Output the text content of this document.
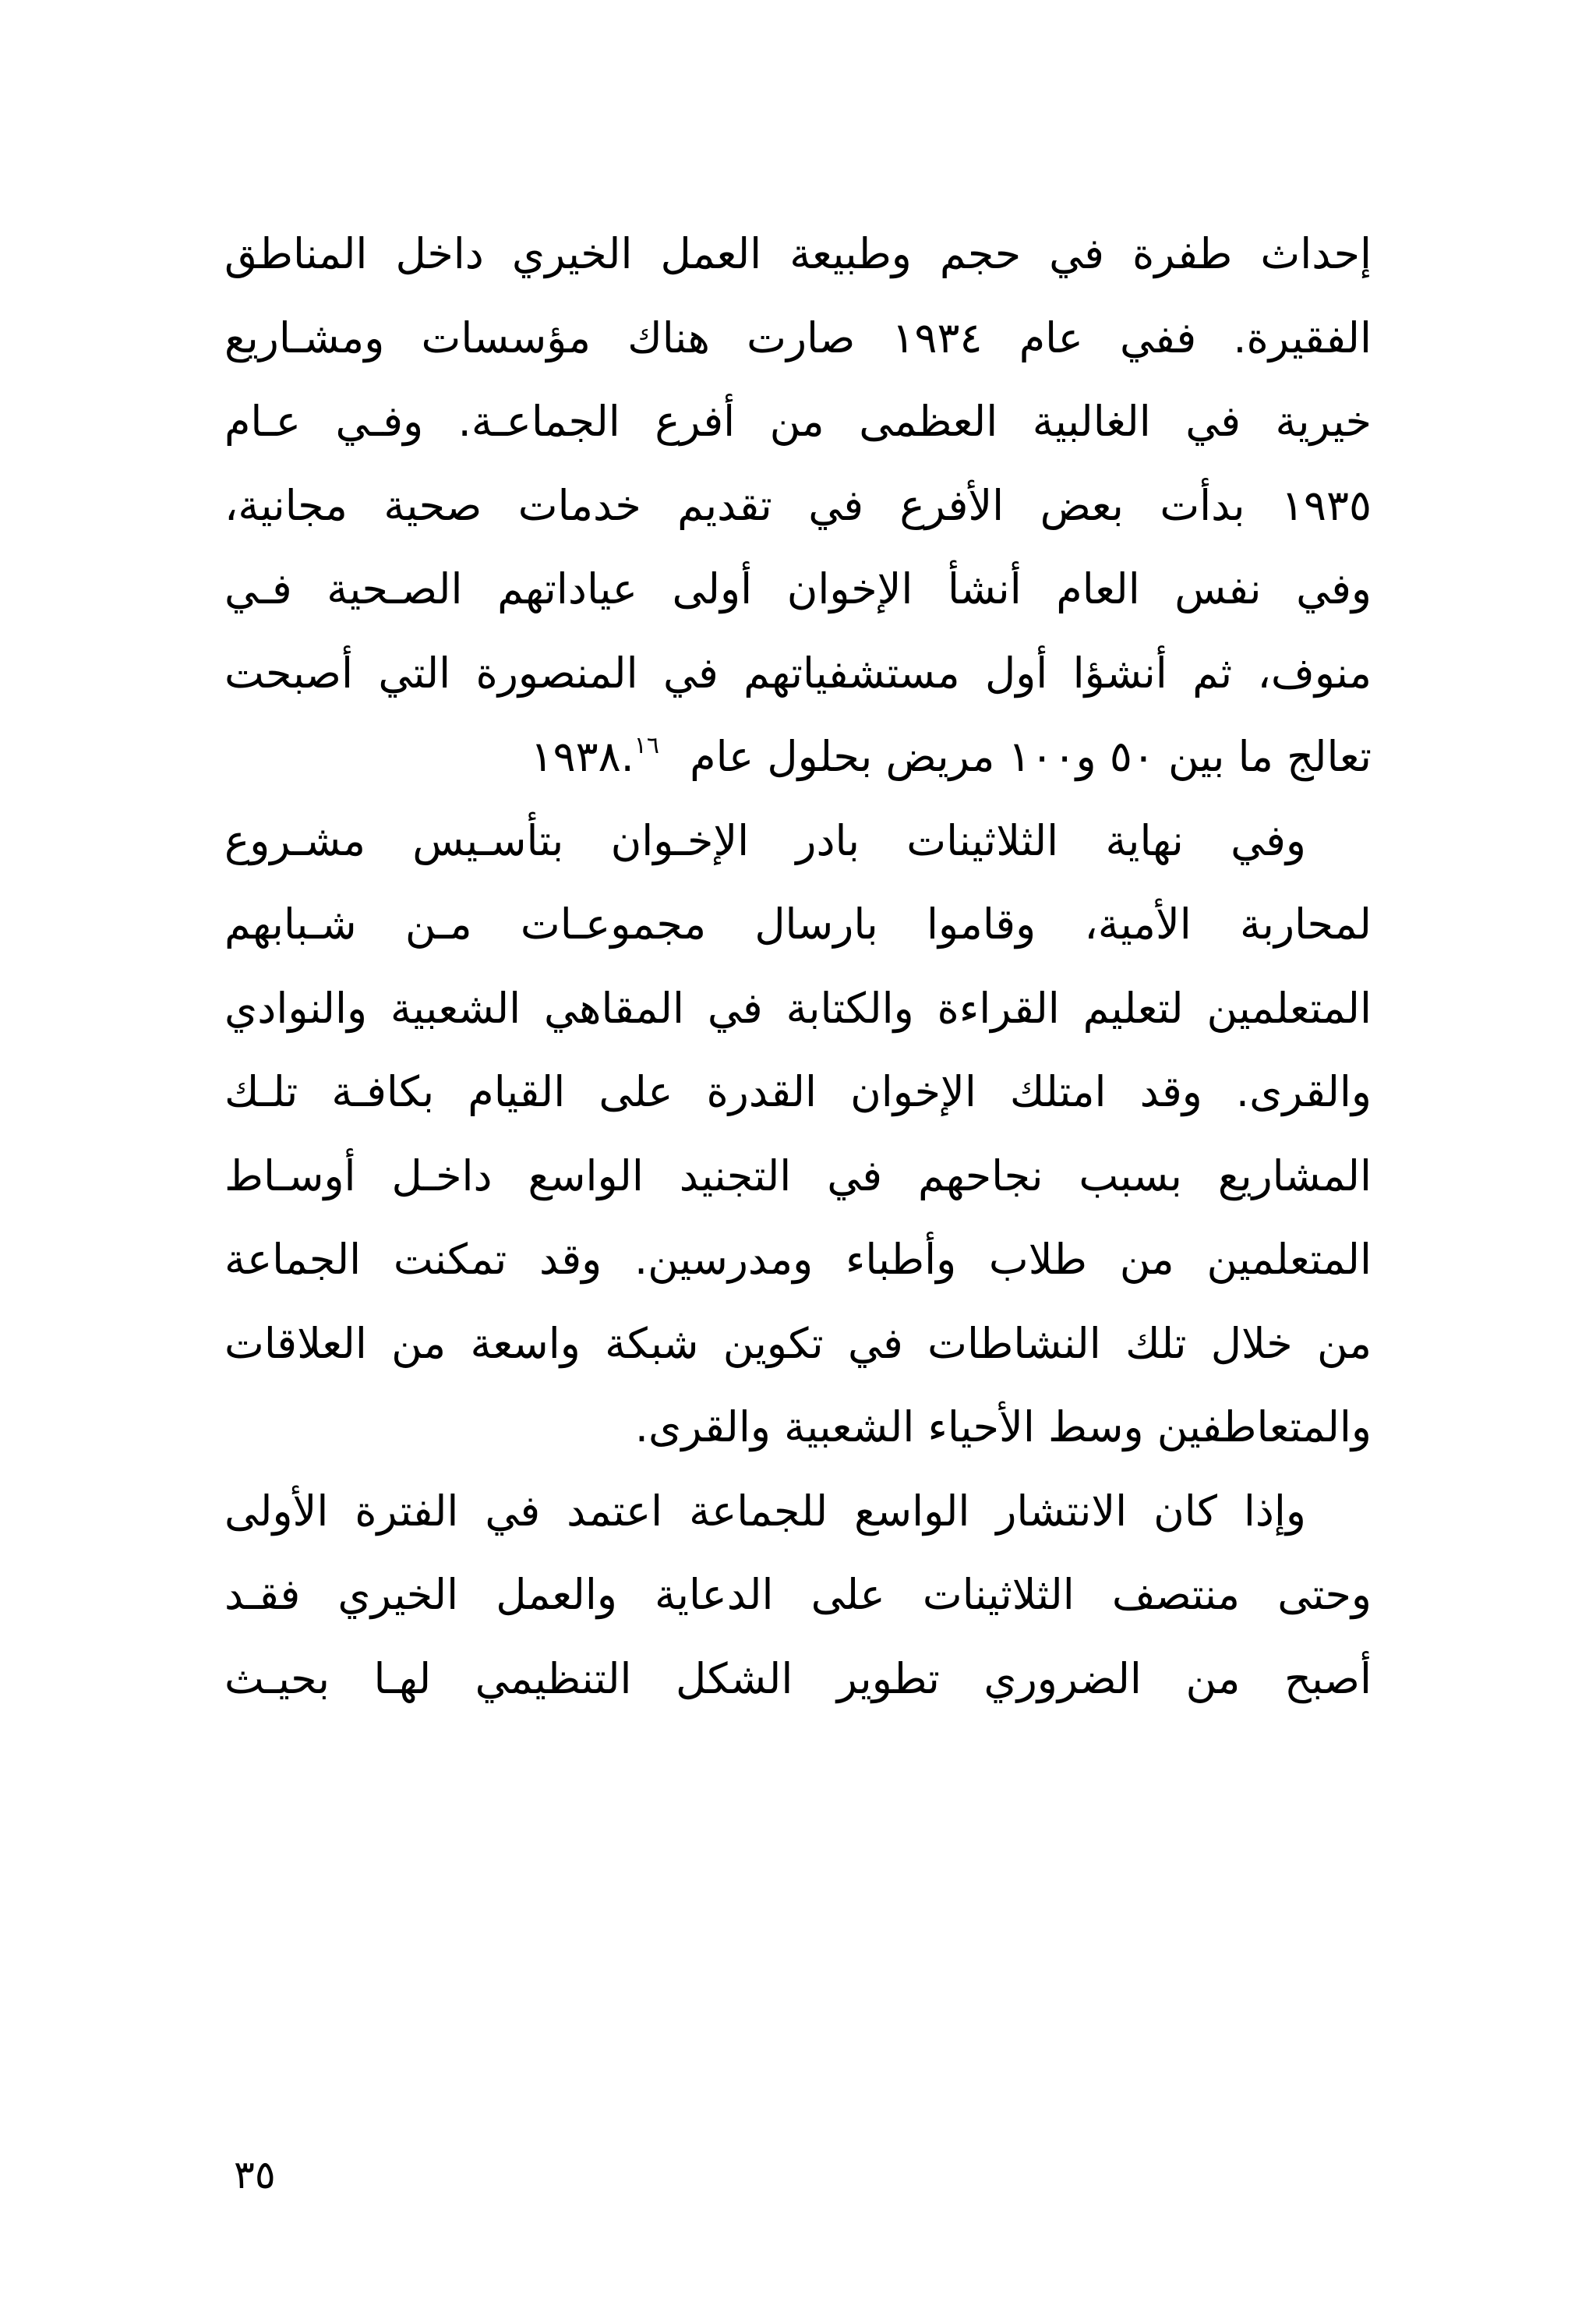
إحداث طفرة في حجم وطبيعة العمل الخيري داخل المناطق
الفقيرة. ففي عام ١٩٣٤ صارت هناك مؤسسات ومشـاريع
خيرية في الغالبية العظمى من أفرع الجماعـة. وفـي عـام
١٩٣٥ بدأت بعض الأفرع في تقديم خدمات صحية مجانية،
وفي نفس العام أنشأ الإخوان أولى عياداتهم الصـحية فـي
منوف، ثم أنشؤا أول مستشفياتهم في المنصورة التي أصبحت
تعالج ما بين ٥٠ و١٠٠ مريض بحلول عام ١٩٣٨.١٦
وفي نهاية الثلاثينات بادر الإخـوان بتأسـيس مشـروع
لمحاربة الأمية، وقاموا بارسال مجموعـات مـن شـبابهم
المتعلمين لتعليم القراءة والكتابة في المقاهي الشعبية والنوادي
والقرى. وقد امتلك الإخوان القدرة على القيام بكافـة تلـك
المشاريع بسبب نجاحهم في التجنيد الواسع داخـل أوسـاط
المتعلمين من طلاب وأطباء ومدرسين. وقد تمكنت الجماعة
من خلال تلك النشاطات في تكوين شبكة واسعة من العلاقات
والمتعاطفين وسط الأحياء الشعبية والقرى.
وإذا كان الانتشار الواسع للجماعة اعتمد في الفترة الأولى
وحتى منتصف الثلاثينات على الدعاية والعمل الخيري فقـد
أصبح من الضروري تطوير الشكل التنظيمي لهـا بحيـث
٣٥
